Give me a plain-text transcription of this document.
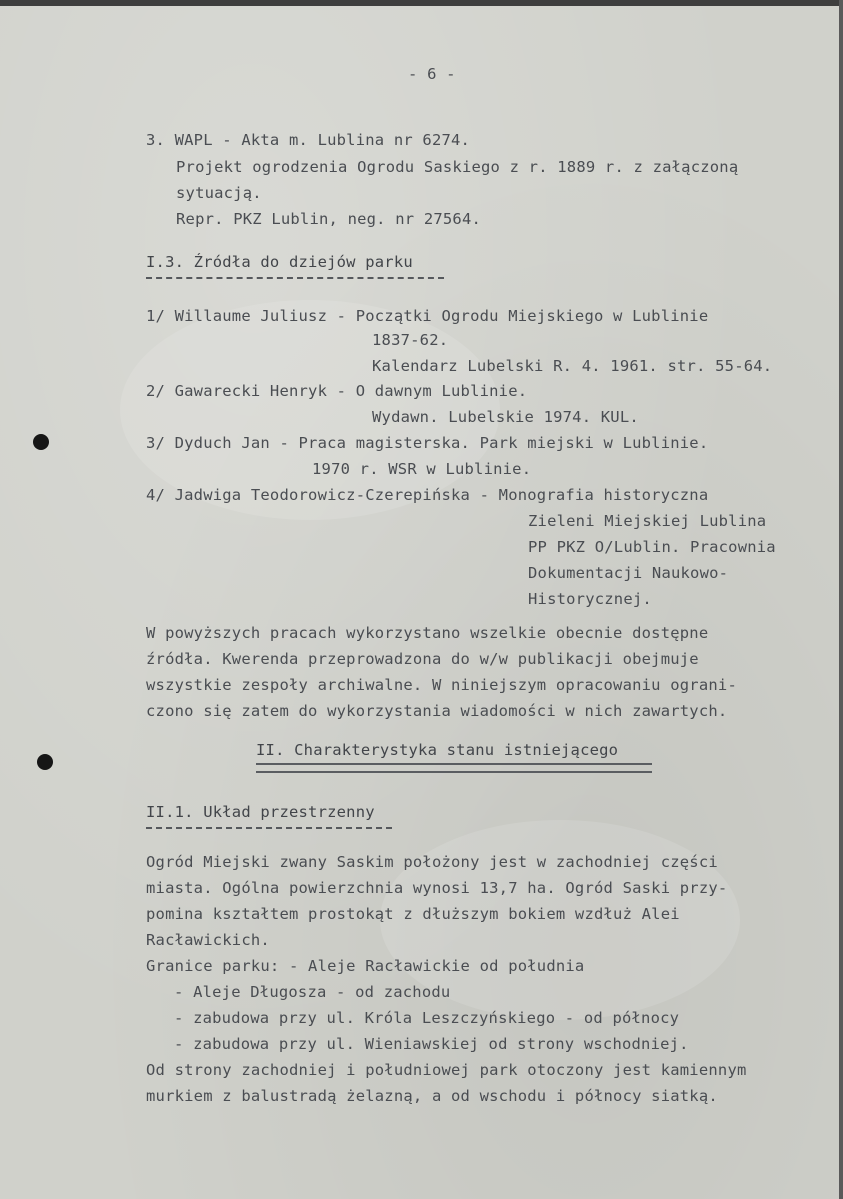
- 6 -
3. WAPL - Akta m. Lublina nr 6274.
Projekt ogrodzenia Ogrodu Saskiego z r. 1889 r. z załączoną
sytuacją.
Repr. PKZ Lublin, neg. nr 27564.
I.3. Źródła do dziejów parku
1/ Willaume Juliusz - Początki Ogrodu Miejskiego w Lublinie
1837-62.
Kalendarz Lubelski R. 4. 1961. str. 55-64.
2/ Gawarecki Henryk - O dawnym Lublinie.
Wydawn. Lubelskie 1974. KUL.
3/ Dyduch Jan - Praca magisterska. Park miejski w Lublinie.
1970 r. WSR w Lublinie.
4/ Jadwiga Teodorowicz-Czerepińska - Monografia historyczna
Zieleni Miejskiej Lublina
PP PKZ O/Lublin. Pracownia
Dokumentacji Naukowo-
Historycznej.
W powyższych pracach wykorzystano wszelkie obecnie dostępne
źródła. Kwerenda przeprowadzona do w/w publikacji obejmuje
wszystkie zespoły archiwalne. W niniejszym opracowaniu ograni-
czono się zatem do wykorzystania wiadomości w nich zawartych.
II. Charakterystyka stanu istniejącego
II.1. Układ przestrzenny
Ogród Miejski zwany Saskim położony jest w zachodniej części
miasta. Ogólna powierzchnia wynosi 13,7 ha. Ogród Saski przy-
pomina kształtem prostokąt z dłuższym bokiem wzdłuż Alei
Racławickich.
Granice parku: - Aleje Racławickie od południa
- Aleje Długosza - od zachodu
- zabudowa przy ul. Króla Leszczyńskiego - od północy
- zabudowa przy ul. Wieniawskiej od strony wschodniej.
Od strony zachodniej i południowej park otoczony jest kamiennym
murkiem z balustradą żelazną, a od wschodu i północy siatką.
